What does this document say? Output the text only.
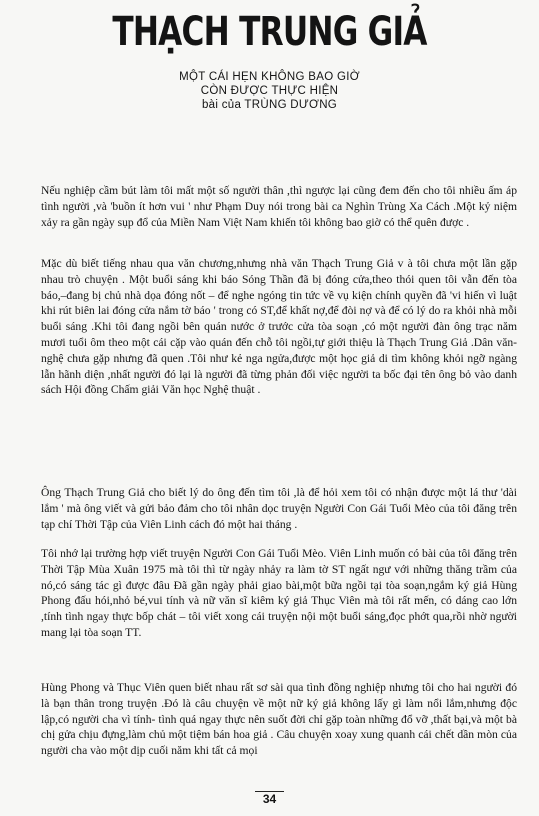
THẠCH TRUNG GIẢ
MỘT CÁI HẸN KHÔNG BAO GIỜ
CÒN ĐƯỢC THỰC HIỆN
bài của TRÙNG DƯƠNG
Nếu nghiệp cầm bút làm tôi mất một số người thân ,thì ngược lại cũng đem đến cho tôi nhiều ấm áp tình người ,và 'buồn ít hơn vui ' như Phạm Duy nói trong bài ca Nghìn Trùng Xa Cách .Một kỷ niệm xảy ra gần ngày sụp đổ của Miền Nam Việt Nam khiến tôi không bao giờ có thể quên được .
Mặc dù biết tiếng nhau qua văn chương,nhưng nhà văn Thạch Trung Giả v à tôi chưa một lần gặp nhau trò chuyện . Một buổi sáng khi báo Sóng Thần đã bị đóng cửa,theo thói quen tôi vẫn đến tòa báo,–đang bị chủ nhà dọa đóng nốt – để nghe ngóng tin tức về vụ kiện chính quyền đã 'vi hiến vì luật khi rút biên lai đóng cửa nắm tờ báo ' trong có ST,để khất nợ,để đòi nợ và để có lý do ra khỏi nhà mỗi buổi sáng .Khi tôi đang ngồi bên quán nước ở trước cửa tòa soạn ,có một người đàn ông trạc năm mươi tuổi ôm theo một cái cặp vào quán đến chỗ tôi ngồi,tự giới thiệu là Thạch Trung Giả .Dân văn- nghệ chưa gặp nhưng đã quen .Tôi như kẻ nga ngửa,được một học giả di tìm không khỏi ngỡ ngàng lẫn hãnh diện ,nhất người đó lại là người đã từng phản đối việc người ta bốc đại tên ông bỏ vào danh sách Hội đồng Chấm giải Văn học Nghệ thuật .
Ông Thạch Trung Giả cho biết lý do ông đến tìm tôi ,là để hỏi xem tôi có nhận được một lá thư 'dài lắm ' mà ông viết và gửi bảo đảm cho tôi nhân dọc truyện Người Con Gái Tuổi Mèo của tôi đăng trên tạp chí Thời Tập của Viên Linh cách đó một hai tháng .
Tôi nhớ lại trường hợp viết truyện Người Con Gái Tuổi Mèo. Viên Linh muốn có bài của tôi đăng trên Thời Tập Mùa Xuân 1975 mà tôi thì từ ngày nhảy ra làm tờ ST ngất ngư với những thăng trầm của nó,có sáng tác gì được đâu Đã gần ngày phải giao bài,một bữa ngồi tại tòa soạn,ngắm ký giả Hùng Phong đấu hói,nhỏ bé,vui tính và nữ văn sĩ kiêm ký giả Thục Viên mà tôi rất mến, có dáng cao lớn ,tính tình ngay thực bốp chát – tôi viết xong cái truyện nội một buổi sáng,đọc phớt qua,rồi nhờ người mang lại tòa soạn TT.
Hùng Phong và Thục Viên quen biết nhau rất sơ sài qua tình đồng nghiệp nhưng tôi cho hai người đó là bạn thân trong truyện .Đó là câu chuyện về một nữ ký giả không lấy gì làm nổi lắm,nhưng độc lập,có người cha vì tính- tình quá ngay thực nên suốt đời chỉ gặp toàn những đổ vỡ ,thất bại,và một bà chị gửa chịu đựng,làm chủ một tiệm bán hoa giả . Câu chuyện xoay xung quanh cái chết dần mòn của người cha vào một dịp cuối năm khi tất cả mọi
34
